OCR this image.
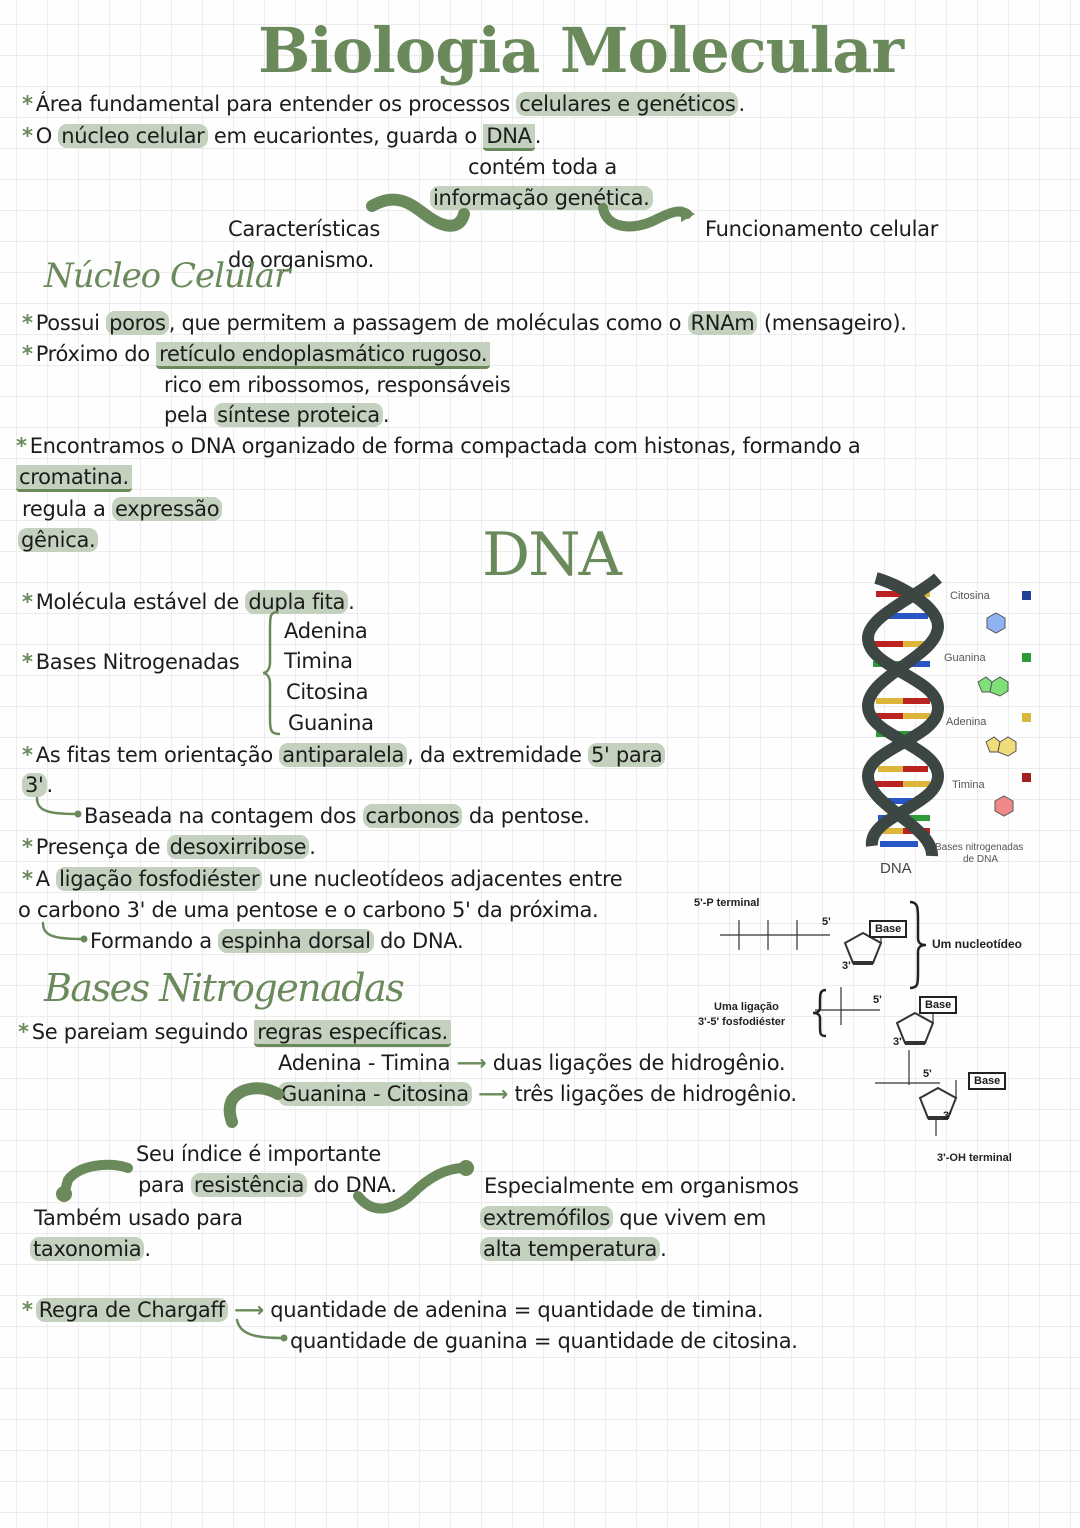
Biologia Molecular
* Área fundamental para entender os processos celulares e genéticos .
* O núcleo celular em eucariontes, guarda o DNA .
contém toda a
informação genética.
Características
do organismo.
Funcionamento celular
Núcleo Celular
* Possui poros , que permitem a passagem de moléculas como o RNAm (mensageiro).
* Próximo do retículo endoplasmático rugoso.
rico em ribossomos, responsáveis
pela síntese proteica .
* Encontramos o DNA organizado de forma compactada com histonas, formando a
cromatina.
regula a expressão
gênica.	DNA
* Molécula estável de dupla fita .
* Bases Nitrogenadas
Adenina
Timina
Citosina
Guanina
* As fitas tem orientação antiparalela , da extremidade 5' para
3' .
Baseada na contagem dos carbonos da pentose.
* Presença de desoxirribose .
* A ligação fosfodiéster une nucleotídeos adjacentes entre
o carbono 3' de uma pentose e o carbono 5' da próxima.
Formando a espinha dorsal do DNA.
DNA
Citosina
Guanina
Adenina
Timina
Bases nitrogenadas
de DNA
5'-P terminal
Base
Base
Base
5'
5'
5'
3'
3'
3'
Um nucleotídeo
Uma ligação
3'-5' fosfodiéster
3'-OH terminal
Bases Nitrogenadas
* Se pareiam seguindo regras específicas.
Adenina - Timina ⟶ duas ligações de hidrogênio.
Guanina - Citosina ⟶ três ligações de hidrogênio.
Seu índice é importante
para resistência do DNA.
Também usado para
taxonomia .
Especialmente em organismos
extremófilos que vivem em
alta temperatura .
* Regra de Chargaff ⟶ quantidade de adenina = quantidade de timina.
quantidade de guanina = quantidade de citosina.
